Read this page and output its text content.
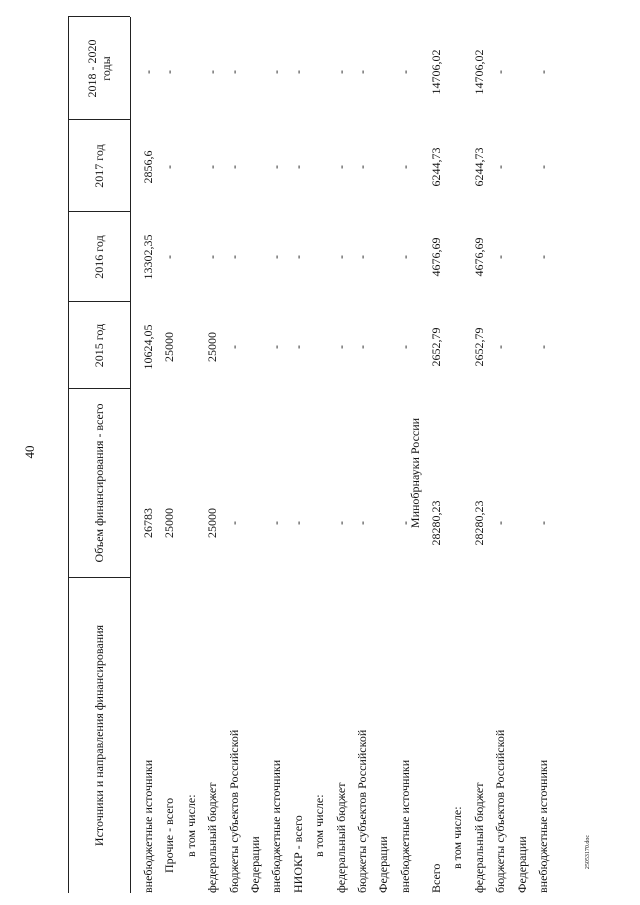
40
25053170.doc
Источники и направления финансирования
Объем финансирования - всего
2015 год
2016 год
2017 год
2018 - 2020 годы
внебюджетные источники
26783
10624,05
13302,35
2856,6
-
Прочие - всего
25000
25000
-
-
-
в том числе: федеральный бюджет
25000
25000
-
-
-
бюджеты субъектов Российской
-
-
-
-
-
Федерации внебюджетные источники
-
-
-
-
-
НИОКР - всего
-
-
-
-
-
в том числе: федеральный бюджет
-
-
-
-
-
бюджеты субъектов Российской
-
-
-
-
-
Федерации внебюджетные источники
-
-
-
-
-
Минобрнауки России
Всего
28280,23
2652,79
4676,69
6244,73
14706,02
в том числе: федеральный бюджет
28280,23
2652,79
4676,69
6244,73
14706,02
бюджеты субъектов Российской
-
-
-
-
-
Федерации внебюджетные источники
-
-
-
-
-
